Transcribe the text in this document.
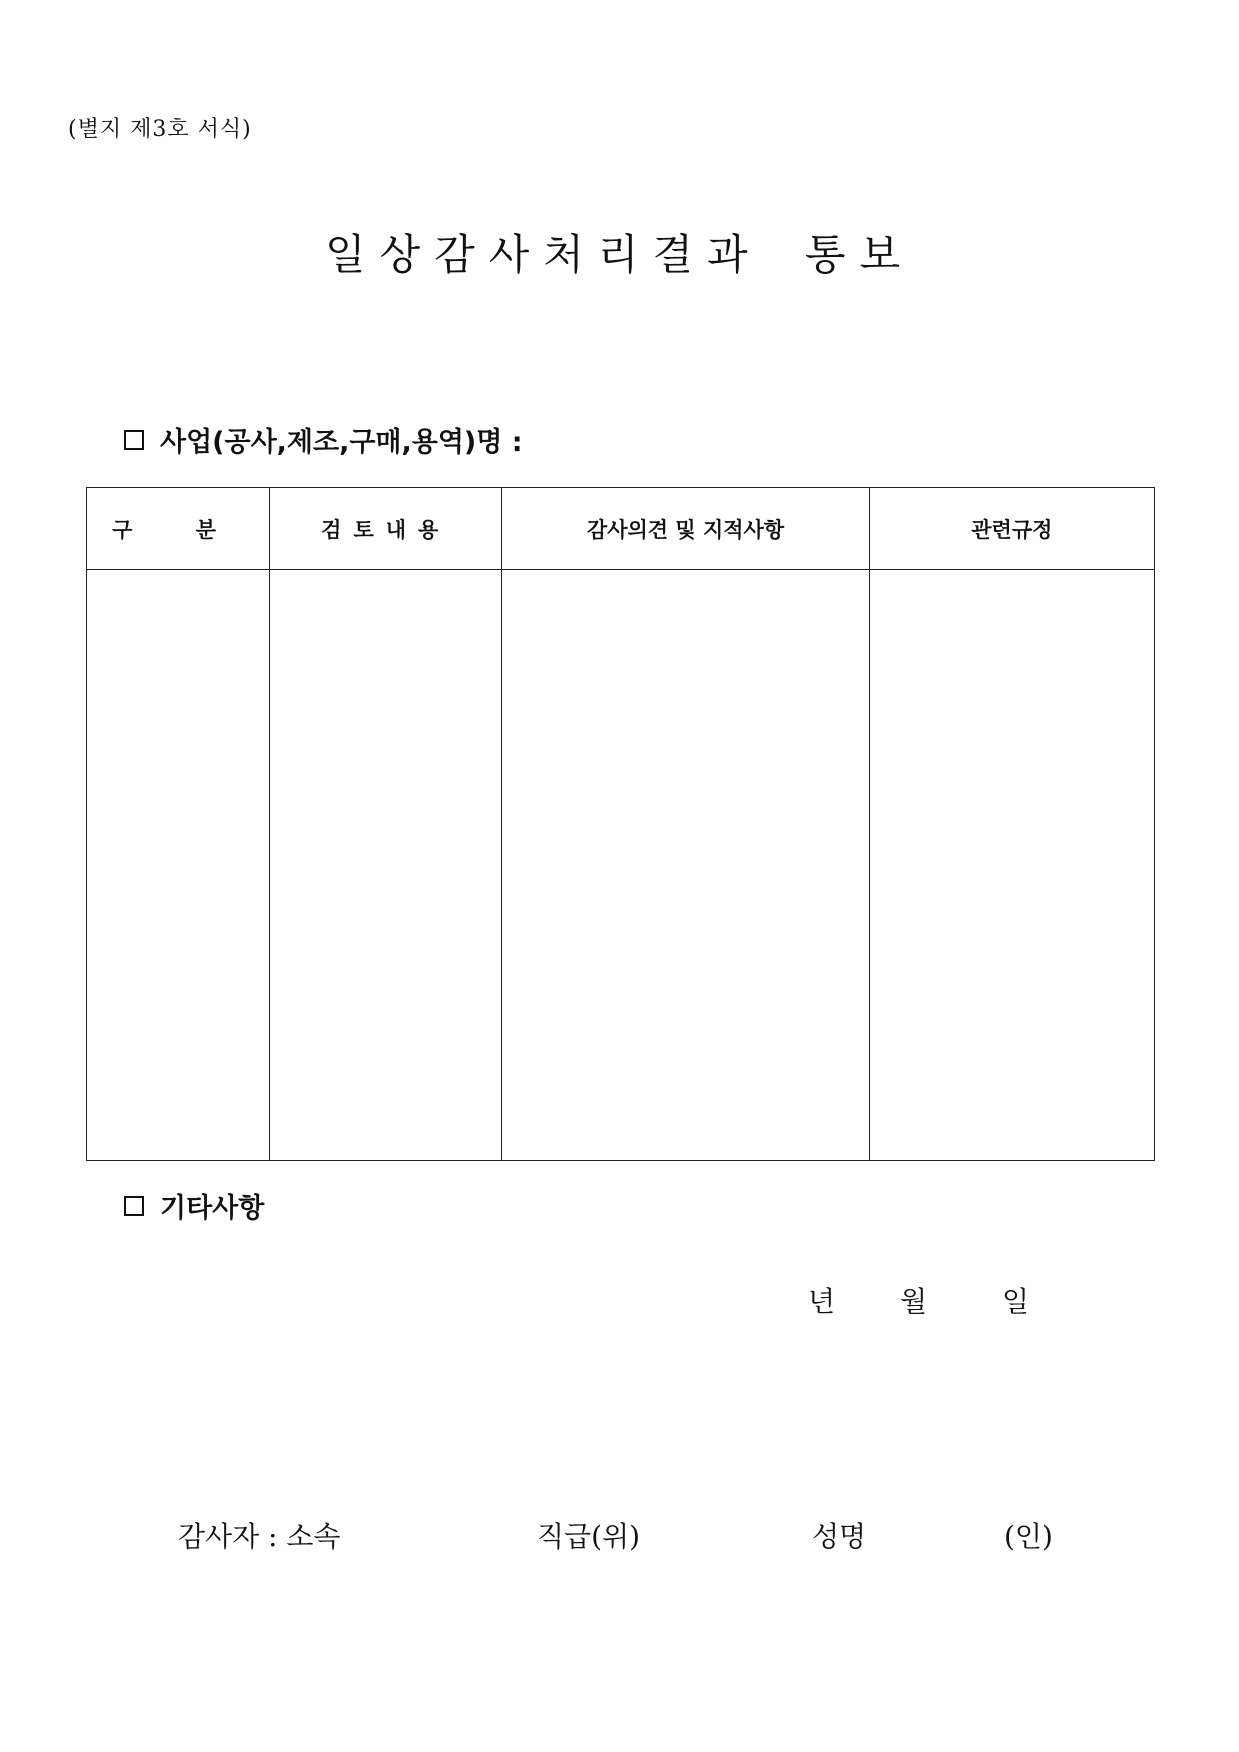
(별지 제3호 서식)
일상감사처리결과 통보
사업(공사,제조,구매,용역)명 :
구 분	검토내용	감사의견 및 지적사항	관련규정

기타사항
년 월	일
감사자 : 소속	직급(위)	성명	(인)
